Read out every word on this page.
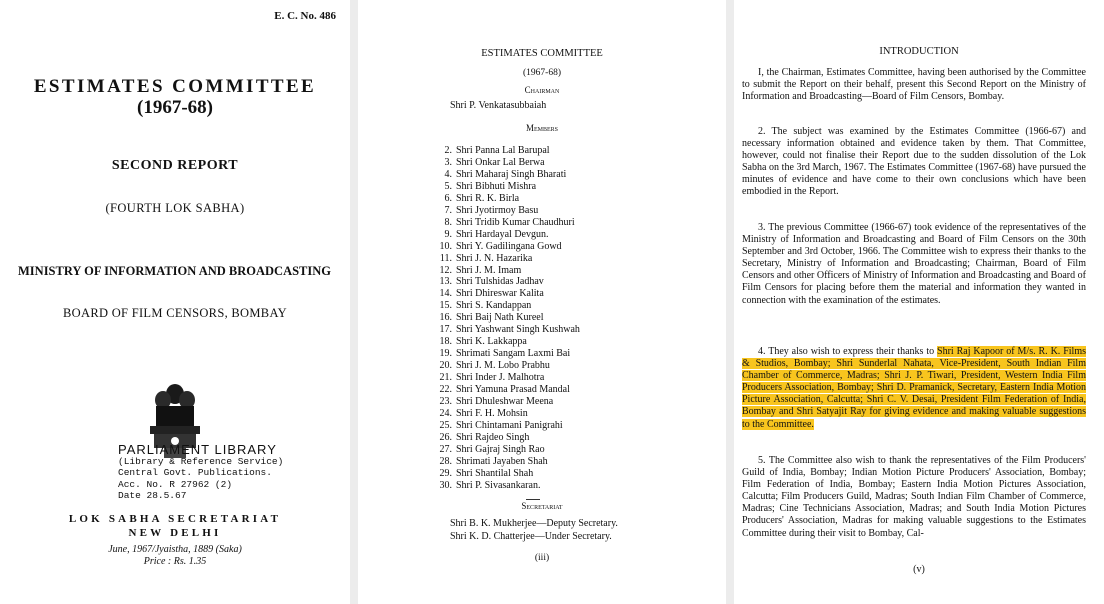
E. C. No. 486
ESTIMATES COMMITTEE
(1967-68)
SECOND REPORT
(FOURTH LOK SABHA)
MINISTRY OF INFORMATION AND BROADCASTING
BOARD OF FILM CENSORS, BOMBAY
PARLIAMENT LIBRARY
(Library & Reference Service)
Central Govt. Publications.
Acc. No. R 27962 (2)
Date 28.5.67
LOK SABHA SECRETARIAT
NEW DELHI
June, 1967/Jyaistha, 1889 (Saka)
Price : Rs. 1.35
ESTIMATES COMMITTEE
(1967-68)
Chairman
Shri P. Venkatasubbaiah
Members
2. Shri Panna Lal Barupal
3. Shri Onkar Lal Berwa
4. Shri Maharaj Singh Bharati
5. Shri Bibhuti Mishra
6. Shri R. K. Birla
7. Shri Jyotirmoy Basu
8. Shri Tridib Kumar Chaudhuri
9. Shri Hardayal Devgun.
10. Shri Y. Gadilingana Gowd
11. Shri J. N. Hazarika
12. Shri J. M. Imam
13. Shri Tulshidas Jadhav
14. Shri Dhireswar Kalita
15. Shri S. Kandappan
16. Shri Baij Nath Kureel
17. Shri Yashwant Singh Kushwah
18. Shri K. Lakkappa
19. Shrimati Sangam Laxmi Bai
20. Shri J. M. Lobo Prabhu
21. Shri Inder J. Malhotra
22. Shri Yamuna Prasad Mandal
23. Shri Dhuleshwar Meena
24. Shri F. H. Mohsin
25. Shri Chintamani Panigrahi
26. Shri Rajdeo Singh
27. Shri Gajraj Singh Rao
28. Shrimati Jayaben Shah
29. Shri Shantilal Shah
30. Shri P. Sivasankaran.
Secretariat
Shri B. K. Mukherjee—Deputy Secretary.
Shri K. D. Chatterjee—Under Secretary.
(iii)
INTRODUCTION
I, the Chairman, Estimates Committee, having been authorised by the Committee to submit the Report on their behalf, present this Second Report on the Ministry of Information and Broadcasting—Board of Film Censors, Bombay.
2. The subject was examined by the Estimates Committee (1966-67) and necessary information obtained and evidence taken by them. That Committee, however, could not finalise their Report due to the sudden dissolution of the Lok Sabha on the 3rd March, 1967. The Estimates Committee (1967-68) have pursued the minutes of evidence and have come to their own conclusions which have been embodied in the Report.
3. The previous Committee (1966-67) took evidence of the representatives of the Ministry of Information and Broadcasting and Board of Film Censors on the 30th September and 3rd October, 1966. The Committee wish to express their thanks to the Secretary, Ministry of Information and Broadcasting; Chairman, Board of Film Censors and other Officers of Ministry of Information and Broadcasting and Board of Film Censors for placing before them the material and information they wanted in connection with the examination of the estimates.
4. They also wish to express their thanks to Shri Raj Kapoor of M/s. R. K. Films & Studios, Bombay; Shri Sunderlal Nahata, Vice-President, South Indian Film Chamber of Commerce, Madras; Shri J. P. Tiwari, President, Western India Film Producers Association, Bombay; Shri D. Pramanick, Secretary, Eastern India Motion Picture Association, Calcutta; Shri C. V. Desai, President Film Federation of India, Bombay and Shri Satyajit Ray for giving evidence and making valuable suggestions to the Committee.
5. The Committee also wish to thank the representatives of the Film Producers' Guild of India, Bombay; Indian Motion Picture Producers' Association, Bombay; Film Federation of India, Bombay; Eastern India Motion Pictures Association, Calcutta; Film Producers Guild, Madras; South Indian Film Chamber of Commerce, Madras; Cine Technicians Association, Madras; and South India Motion Pictures Producers' Association, Madras for making valuable suggestions to the Estimates Committee during their visit to Bombay, Cal-
(v)
